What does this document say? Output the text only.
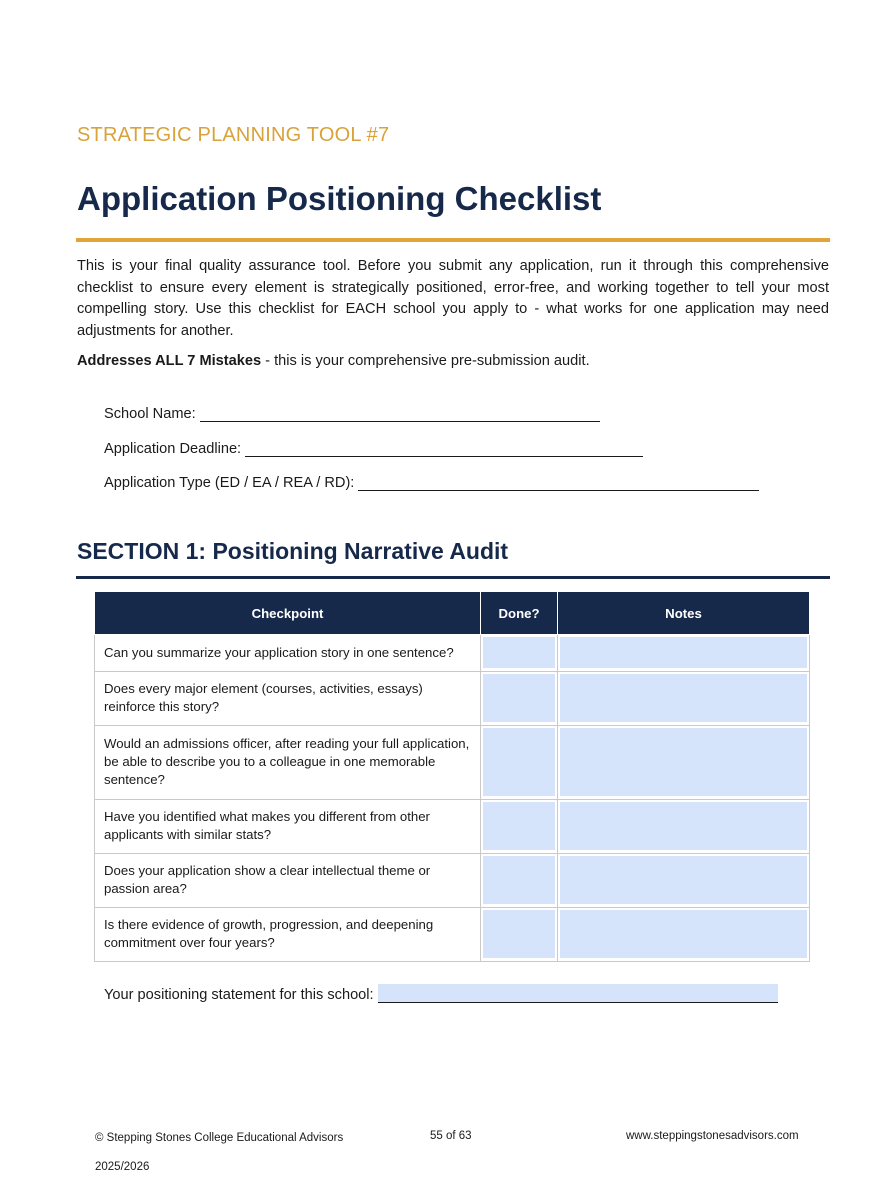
STRATEGIC PLANNING TOOL #7
Application Positioning Checklist

This is your final quality assurance tool. Before you submit any application, run it through this comprehensive checklist to ensure every element is strategically positioned, error-free, and working together to tell your most compelling story. Use this checklist for EACH school you apply to - what works for one application may need adjustments for another.

Addresses ALL 7 Mistakes - this is your comprehensive pre-submission audit.
School Name:
Application Deadline:
Application Type (ED / EA / REA / RD):
SECTION 1: Positioning Narrative Audit
Checkpoint	Done?	Notes
Can you summarize your application story in one sentence?	

Does every major element (courses, activities, essays) reinforce this story?	

Would an admissions officer, after reading your full application, be able to describe you to a colleague in one memorable sentence?	

Have you identified what makes you different from other applicants with similar stats?	

Does your application show a clear intellectual theme or passion area?	

Is there evidence of growth, progression, and deepening commitment over four years?	

Your positioning statement for this school:
© Stepping Stones College Educational Advisors	55 of 63	www.steppingstonesadvisors.com
2025/2026
